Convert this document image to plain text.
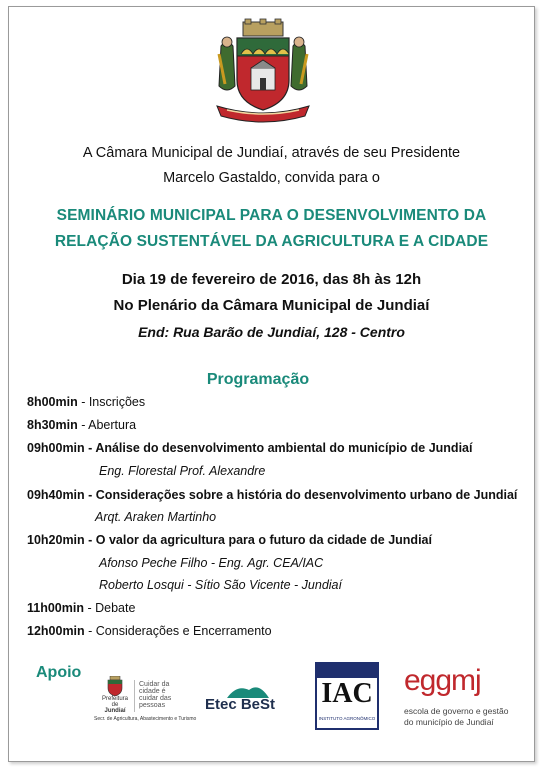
A Câmara Municipal de Jundiaí, através de seu Presidente
Marcelo Gastaldo, convida para o
SEMINÁRIO MUNICIPAL PARA O DESENVOLVIMENTO DA
RELAÇÃO SUSTENTÁVEL DA AGRICULTURA E A CIDADE
Dia 19 de fevereiro de 2016, das 8h às 12h
No Plenário da Câmara Municipal de Jundiaí
End: Rua Barão de Jundiaí, 128 - Centro
Programação
8h00min - Inscrições
8h30min - Abertura
09h00min - Análise do desenvolvimento ambiental do município de Jundiaí
Eng. Florestal Prof. Alexandre
09h40min - Considerações sobre a história do desenvolvimento urbano de Jundiaí
Arqt. Araken Martinho
10h20min - O valor da agricultura para o futuro da cidade de Jundiaí
Afonso Peche Filho - Eng. Agr. CEA/IAC
Roberto Losqui - Sítio São Vicente - Jundiaí
11h00min - Debate
12h00min - Considerações e Encerramento
Apoio
Prefeitura
de
Jundiaí
Cuidar da
cidade é
cuidar das
pessoas
Secr. de Agricultura, Abastecimento e Turismo
Etec BeSt IAC
INSTITUTO AGRONÔMICO
eggmj
escola de governo e gestão
do município de Jundiaí
